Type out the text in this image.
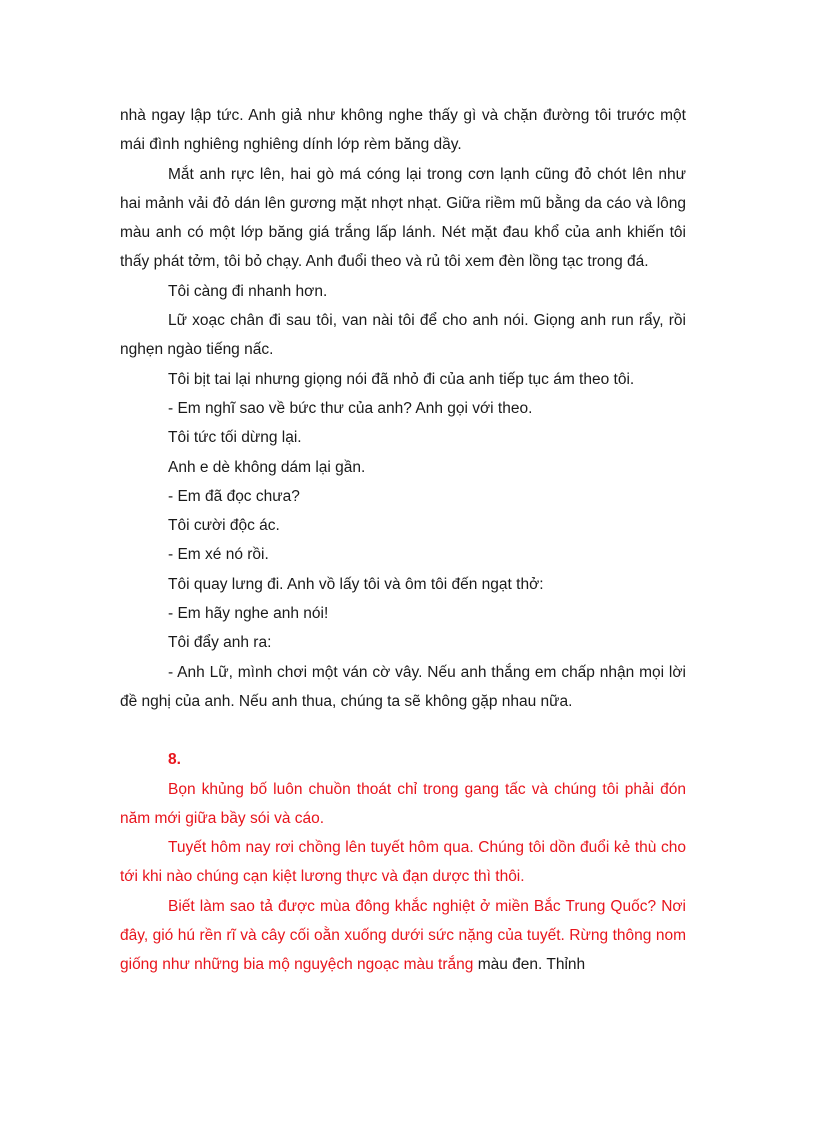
nhà ngay lập tức. Anh giả như không nghe thấy gì và chặn đường tôi trước một mái đình nghiêng nghiêng dính lớp rèm băng dầy.

Mắt anh rực lên, hai gò má cóng lại trong cơn lạnh cũng đỏ chót lên như hai mảnh vải đỏ dán lên gương mặt nhợt nhạt. Giữa riềm mũ bằng da cáo và lông màu anh có một lớp băng giá trắng lấp lánh. Nét mặt đau khổ của anh khiến tôi thấy phát tởm, tôi bỏ chạy. Anh đuổi theo và rủ tôi xem đèn lồng tạc trong đá.

Tôi càng đi nhanh hơn.

Lữ xoạc chân đi sau tôi, van nài tôi để cho anh nói. Giọng anh run rẩy, rồi nghẹn ngào tiếng nấc.

Tôi bịt tai lại nhưng giọng nói đã nhỏ đi của anh tiếp tục ám theo tôi.

- Em nghĩ sao về bức thư của anh? Anh gọi với theo.

Tôi tức tối dừng lại.

Anh e dè không dám lại gần.

- Em đã đọc chưa?

Tôi cười độc ác.

- Em xé nó rồi.

Tôi quay lưng đi. Anh vồ lấy tôi và ôm tôi đến ngạt thở:

- Em hãy nghe anh nói!

Tôi đẩy anh ra:

- Anh Lữ, mình chơi một ván cờ vây. Nếu anh thắng em chấp nhận mọi lời đề nghị của anh. Nếu anh thua, chúng ta sẽ không gặp nhau nữa.

8.

Bọn khủng bố luôn chuồn thoát chỉ trong gang tấc và chúng tôi phải đón năm mới giữa bầy sói và cáo.

Tuyết hôm nay rơi chồng lên tuyết hôm qua. Chúng tôi dồn đuổi kẻ thù cho tới khi nào chúng cạn kiệt lương thực và đạn dược thì thôi.

Biết làm sao tả được mùa đông khắc nghiệt ở miền Bắc Trung Quốc? Nơi đây, gió hú rền rĩ và cây cối oằn xuống dưới sức nặng của tuyết. Rừng thông nom giống như những bia mộ nguyệch ngoạc màu trắng màu đen. Thỉnh
